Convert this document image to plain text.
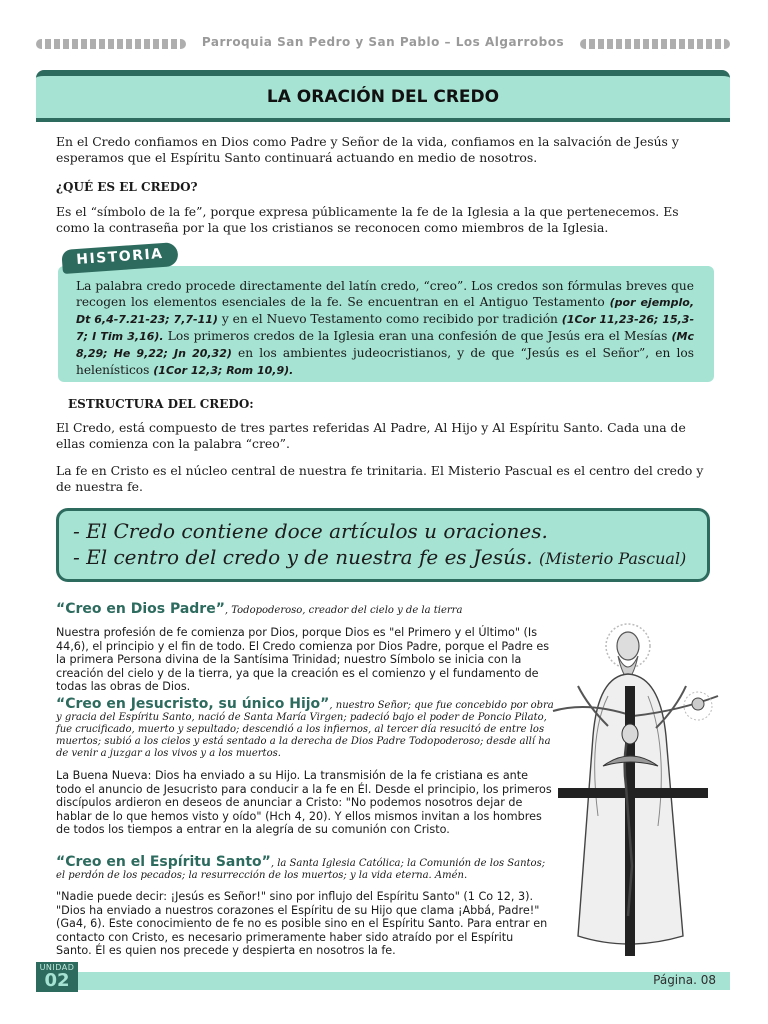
Parroquia San Pedro y San Pablo – Los Algarrobos
LA ORACIÓN DEL CREDO

En el Credo confiamos en Dios como Padre y Señor de la vida, confiamos en la salvación de Jesús y esperamos que el Espíritu Santo continuará actuando en medio de nosotros.

¿QUÉ ES EL CREDO?

Es el “símbolo de la fe”, porque expresa públicamente la fe de la Iglesia a la que pertenecemos. Es como la contraseña por la que los cristianos se reconocen como miembros de la Iglesia.

HISTORIA

La palabra credo procede directamente del latín credo, “creo”. Los credos son fórmulas breves que recogen los elementos esenciales de la fe. Se encuentran en el Antiguo Testamento (por ejemplo, Dt 6,4-7.21-23; 7,7-11) y en el Nuevo Testamento como recibido por tradición (1Cor 11,23-26; 15,3-7; I Tim 3,16). Los primeros credos de la Iglesia eran una confesión de que Jesús era el Mesías (Mc 8,29; He 9,22; Jn 20,32) en los ambientes judeocristianos, y de que “Jesús es el Señor”, en los helenísticos (1Cor 12,3; Rom 10,9).

ESTRUCTURA DEL CREDO:

El Credo, está compuesto de tres partes referidas Al Padre, Al Hijo y Al Espíritu Santo. Cada una de ellas comienza con la palabra “creo”.

La fe en Cristo es el núcleo central de nuestra fe trinitaria. El Misterio Pascual es el centro del credo y de nuestra fe.

- El Credo contiene doce artículos u oraciones.
- El centro del credo y de nuestra fe es Jesús. (Misterio Pascual)

“Creo en Dios Padre”, Todopoderoso, creador del cielo y de la tierra

Nuestra profesión de fe comienza por Dios, porque Dios es "el Primero y el Último" (Is 44,6), el principio y el fin de todo. El Credo comienza por Dios Padre, porque el Padre es la primera Persona divina de la Santísima Trinidad; nuestro Símbolo se inicia con la creación del cielo y de la tierra, ya que la creación es el comienzo y el fundamento de todas las obras de Dios.

“Creo en Jesucristo, su único Hijo”, nuestro Señor; que fue concebido por obra y gracia del Espíritu Santo, nació de Santa María Virgen; padeció bajo el poder de Poncio Pilato, fue crucificado, muerto y sepultado; descendió a los infiernos, al tercer día resucitó de entre los muertos; subió a los cielos y está sentado a la derecha de Dios Padre Todopoderoso; desde allí ha de venir a juzgar a los vivos y a los muertos.

La Buena Nueva: Dios ha enviado a su Hijo. La transmisión de la fe cristiana es ante todo el anuncio de Jesucristo para conducir a la fe en Él. Desde el principio, los primeros discípulos ardieron en deseos de anunciar a Cristo: "No podemos nosotros dejar de hablar de lo que hemos visto y oído" (Hch 4, 20). Y ellos mismos invitan a los hombres de todos los tiempos a entrar en la alegría de su comunión con Cristo.

“Creo en el Espíritu Santo”, la Santa Iglesia Católica; la Comunión de los Santos; el perdón de los pecados; la resurrección de los muertos; y la vida eterna. Amén.

"Nadie puede decir: ¡Jesús es Señor!" sino por influjo del Espíritu Santo" (1 Co 12, 3). "Dios ha enviado a nuestros corazones el Espíritu de su Hijo que clama ¡Abbá, Padre!" (Ga4, 6). Este conocimiento de fe no es posible sino en el Espíritu Santo. Para entrar en contacto con Cristo, es necesario primeramente haber sido atraído por el Espíritu Santo. Él es quien nos precede y despierta en nosotros la fe.

Página. 08
UNIDAD
02
